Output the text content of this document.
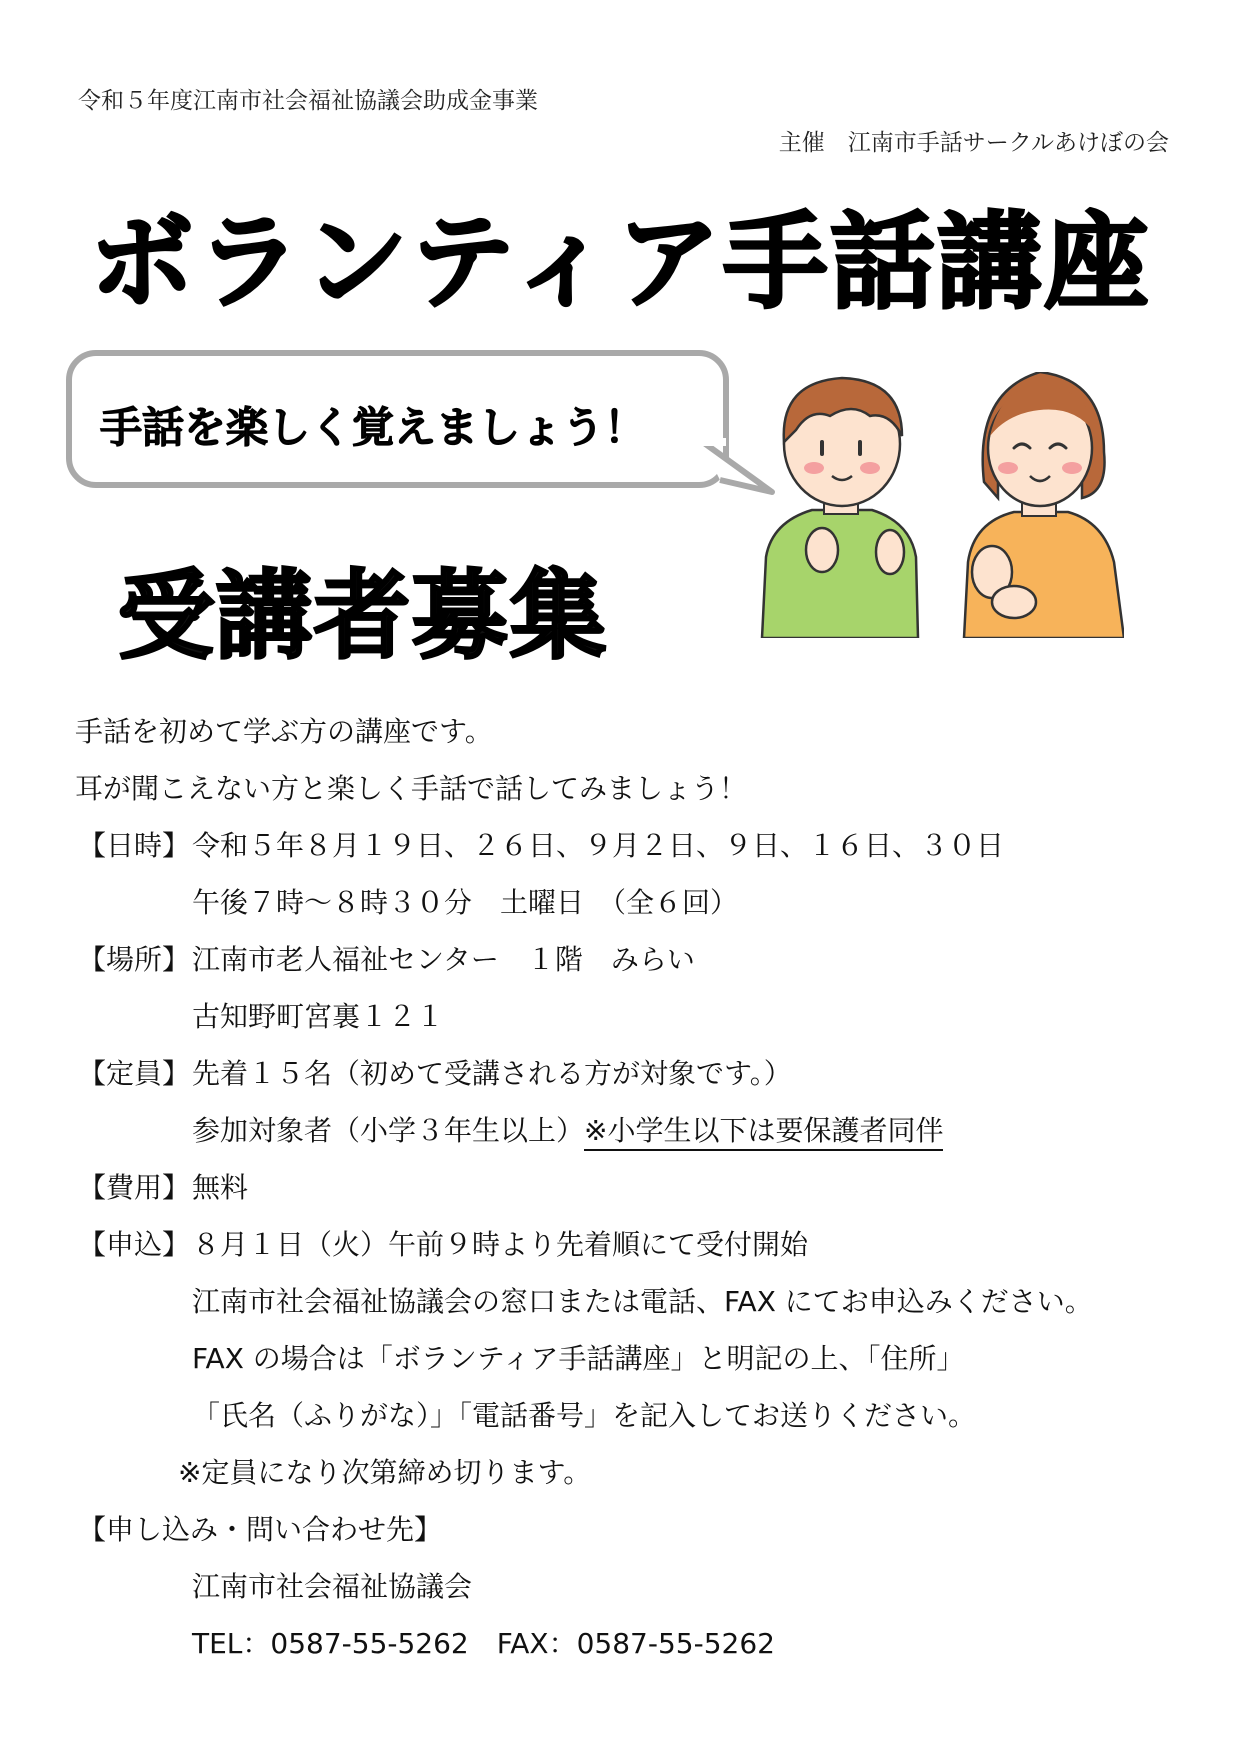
令和５年度江南市社会福祉協議会助成金事業
主催　江南市手話サークルあけぼの会
ボランティア手話講座
手話を楽しく覚えましょう！
受講者募集
手話を初めて学ぶ方の講座です。
耳が聞こえない方と楽しく手話で話してみましょう！
【日時】 令和５年８月１９日、２６日、９月２日、９日、１６日、３０日
午後７時～８時３０分　土曜日　（全６回）
【場所】 江南市老人福祉センター　１階　みらい
古知野町宮裏１２１
【定員】 先着１５名（初めて受講される方が対象です。）
参加対象者（小学３年生以上）※小学生以下は要保護者同伴
【費用】 無料
【申込】 ８月１日（火）午前９時より先着順にて受付開始
江南市社会福祉協議会の窓口または電話、FAX にてお申込みください。
FAX の場合は「ボランティア手話講座」と明記の上、「住所」
「氏名（ふりがな）」「電話番号」を記入してお送りください。
※定員になり次第締め切ります。
【申し込み・問い合わせ先】
江南市社会福祉協議会
TEL：0587-55-5262　FAX：0587-55-5262
